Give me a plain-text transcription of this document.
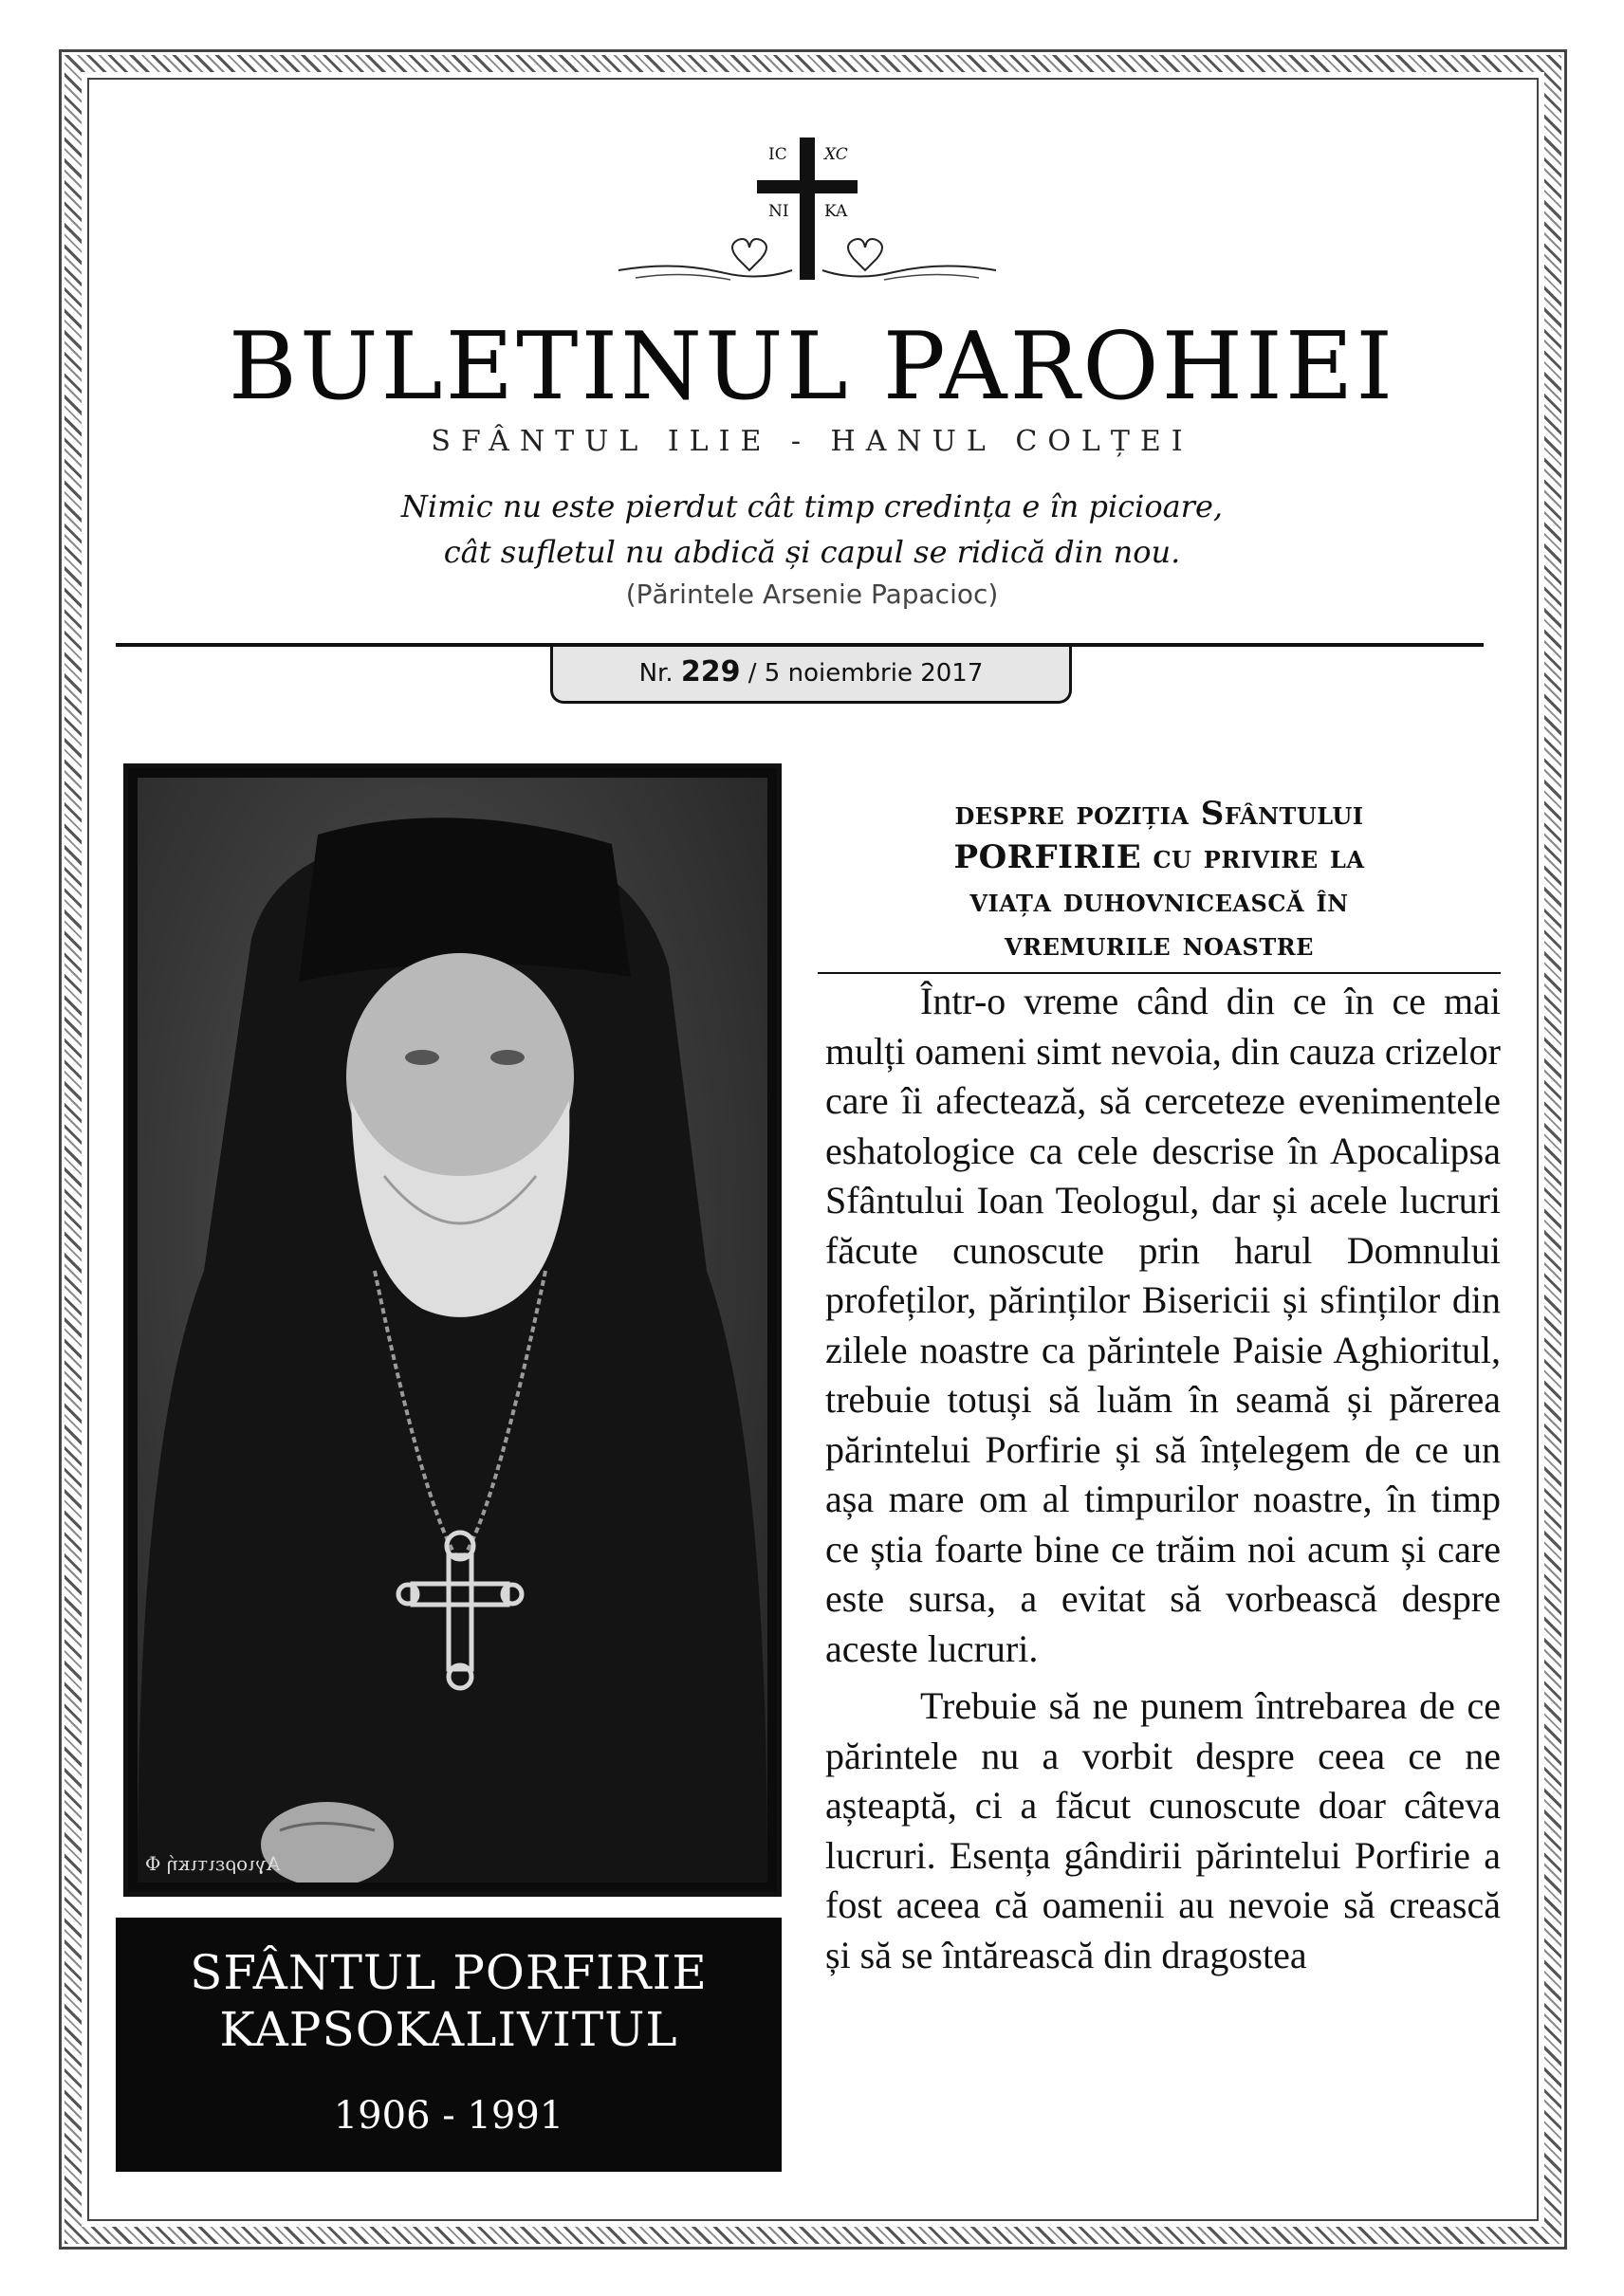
IC XC
NI KA
BULETINUL PAROHIEI
SFÂNTUL ILIE - HANUL COLȚEI
Nimic nu este pierdut cât timp credința e în picioare,
cât sufletul nu abdică și capul se ridică din nou.
(Părintele Arsenie Papacioc)
Nr. 229 / 5 noiembrie 2017
Αγιορειτική Φ
SFÂNTUL PORFIRIE
KAPSOKALIVITUL
1906 - 1991
despre poziția Sfântului
PORFIRIE cu privire la
viața duhovnicească în
vremurile noastre

Într-o vreme când din ce în ce mai mulți oameni simt nevoia, din cauza crizelor care îi afectează, să cerceteze evenimentele eshatologice ca cele descrise în Apocalipsa Sfântului Ioan Teologul, dar și acele lucruri făcute cunoscute prin harul Domnului profeților, părinților Bisericii și sfinților din zilele noastre ca părintele Paisie Aghioritul, trebuie totuși să luăm în seamă și părerea părintelui Porfirie și să înțelegem de ce un așa mare om al timpurilor noastre, în timp ce știa foarte bine ce trăim noi acum și care este sursa, a evitat să vorbească despre aceste lucruri.

Trebuie să ne punem întrebarea de ce părintele nu a vorbit despre ceea ce ne așteaptă, ci a făcut cunoscute doar câteva lucruri. Esența gândirii părintelui Porfirie a fost aceea că oamenii au nevoie să crească și să se întărească din dragostea
